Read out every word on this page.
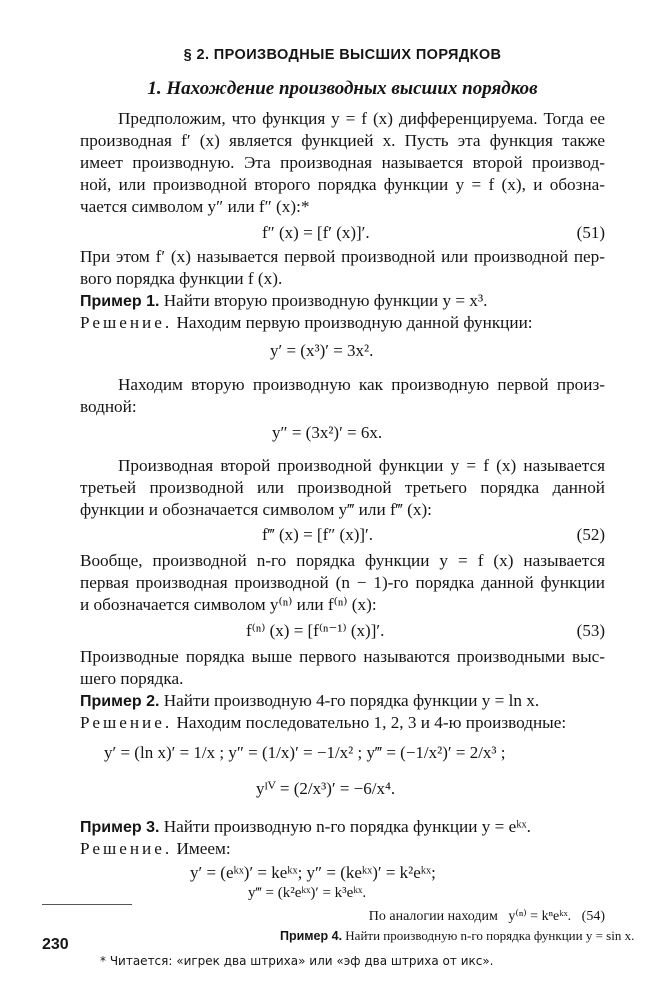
§ 2. ПРОИЗВОДНЫЕ ВЫСШИХ ПОРЯДКОВ
1. Нахождение производных высших порядков
Предположим, что функция y = f (x) дифференцируема. Тогда ее
производная f′ (x) является функцией x. Пусть эта функция также
имеет производную. Эта производная называется второй производ-
ной, или производной второго порядка функции y = f (x), и обозна-
чается символом y″ или f″ (x):*
f″ (x) = [f′ (x)]′.	(51)
При этом f′ (x) называется первой производной или производной пер-
вого порядка функции f (x).
Пример 1. Найти вторую производную функции y = x³.
Решение. Находим первую производную данной функции:
y′ = (x³)′ = 3x².
Находим вторую производную как производную первой произ-
водной:
y″ = (3x²)′ = 6x.
Производная второй производной функции y = f (x) называется
третьей производной или производной третьего порядка данной
функции и обозначается символом y‴ или f‴ (x):
f‴ (x) = [f″ (x)]′.	(52)
Вообще, производной n-го порядка функции y = f (x) называется
первая производная производной (n − 1)-го порядка данной функции
и обозначается символом y⁽ⁿ⁾ или f⁽ⁿ⁾ (x):
f⁽ⁿ⁾ (x) = [f⁽ⁿ⁻¹⁾ (x)]′.	(53)
Производные порядка выше первого называются производными выс-
шего порядка.
Пример 2. Найти производную 4-го порядка функции y = ln x.
Решение. Находим последовательно 1, 2, 3 и 4-ю производные:
y′ = (ln x)′ = 1/x ; y″ = (1/x)′ = −1/x² ; y‴ = (−1/x²)′ = 2/x³ ;
yᴵⱽ = (2/x³)′ = −6/x⁴.
Пример 3. Найти производную n-го порядка функции y = eᵏˣ.
Решение. Имеем:
y′ = (eᵏˣ)′ = keᵏˣ; y″ = (keᵏˣ)′ = k²eᵏˣ;
y‴ = (k²eᵏˣ)′ = k³eᵏˣ.
По аналогии находим y⁽ⁿ⁾ = kⁿeᵏˣ. (54)
Пример 4. Найти производную n-го порядка функции y = sin x.
* Читается: «игрек два штриха» или «эф два штриха от икс».
230
